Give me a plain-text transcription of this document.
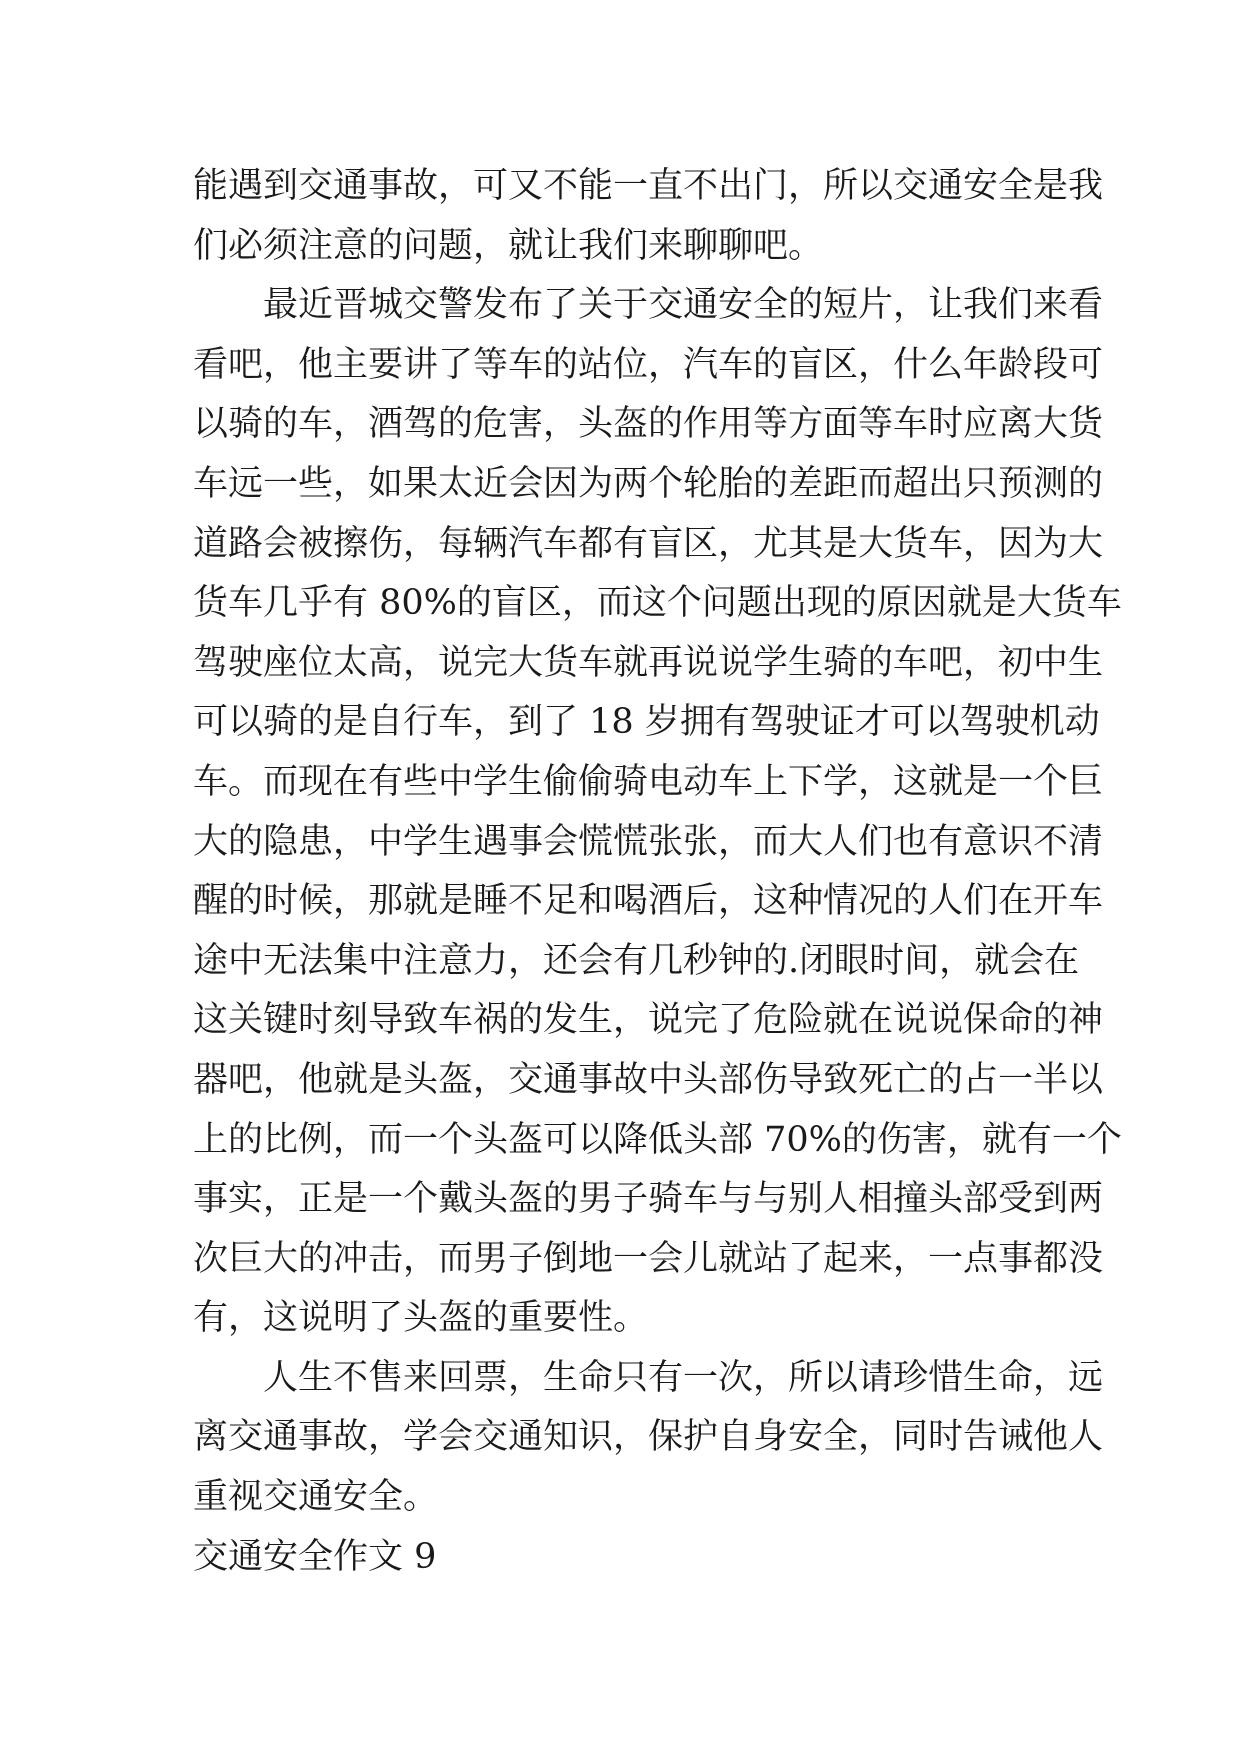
能遇到交通事故，可又不能一直不出门，所以交通安全是我
们必须注意的问题，就让我们来聊聊吧。
最近晋城交警发布了关于交通安全的短片，让我们来看
看吧，他主要讲了等车的站位，汽车的盲区，什么年龄段可
以骑的车，酒驾的危害，头盔的作用等方面等车时应离大货
车远一些，如果太近会因为两个轮胎的差距而超出只预测的
道路会被擦伤，每辆汽车都有盲区，尤其是大货车，因为大
货车几乎有 80%的盲区，而这个问题出现的原因就是大货车
驾驶座位太高，说完大货车就再说说学生骑的车吧，初中生
可以骑的是自行车，到了 18 岁拥有驾驶证才可以驾驶机动
车。而现在有些中学生偷偷骑电动车上下学，这就是一个巨
大的隐患，中学生遇事会慌慌张张，而大人们也有意识不清
醒的时候，那就是睡不足和喝酒后，这种情况的人们在开车
途中无法集中注意力，还会有几秒钟的.闭眼时间，就会在
这关键时刻导致车祸的发生，说完了危险就在说说保命的神
器吧，他就是头盔，交通事故中头部伤导致死亡的占一半以
上的比例，而一个头盔可以降低头部 70%的伤害，就有一个
事实，正是一个戴头盔的男子骑车与与别人相撞头部受到两
次巨大的冲击，而男子倒地一会儿就站了起来，一点事都没
有，这说明了头盔的重要性。
人生不售来回票，生命只有一次，所以请珍惜生命，远
离交通事故，学会交通知识，保护自身安全，同时告诫他人
重视交通安全。
交通安全作文 9
